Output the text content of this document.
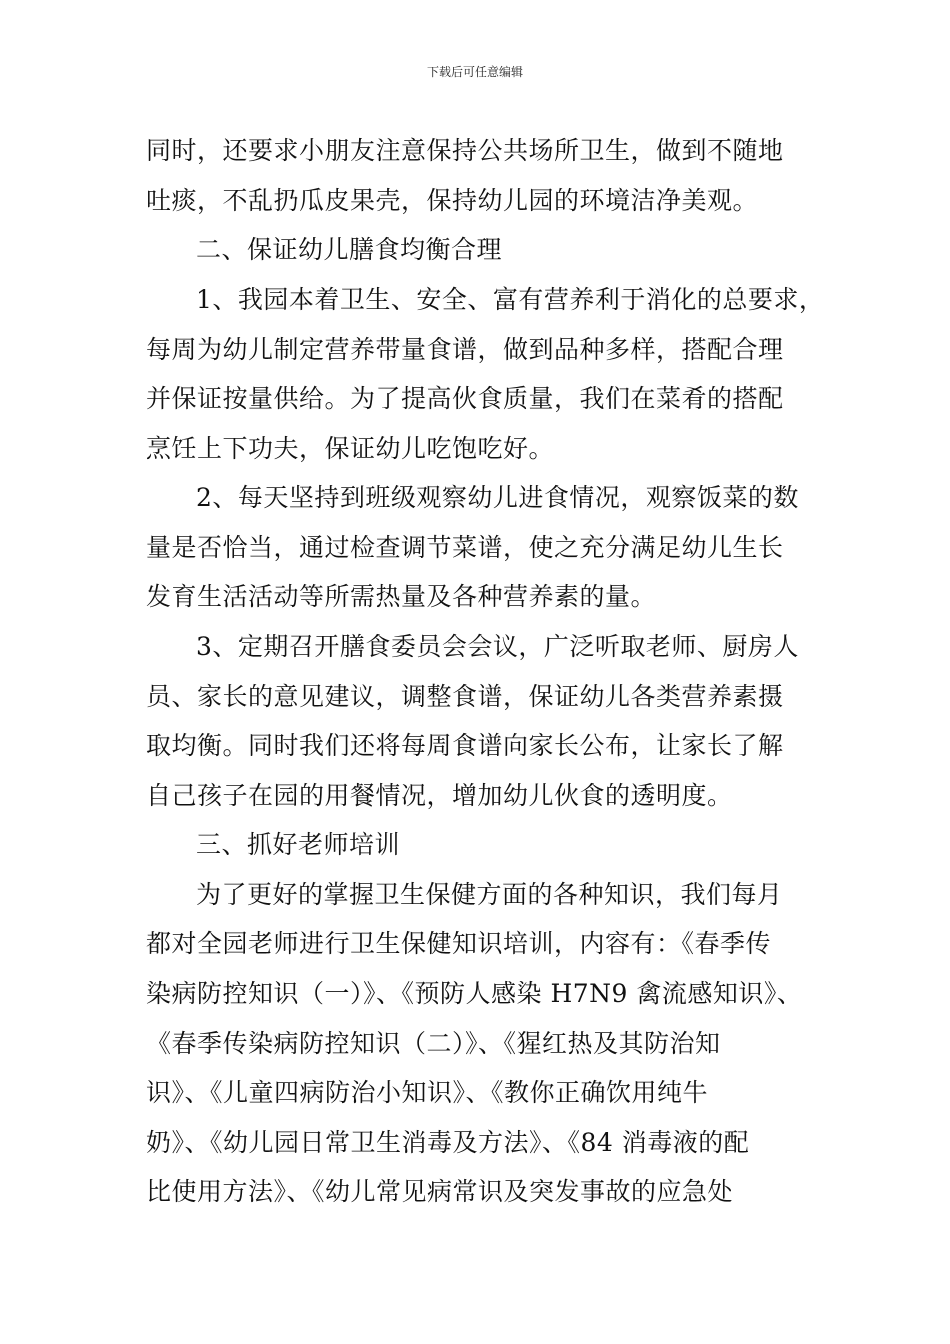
下载后可任意编辑
同时，还要求小朋友注意保持公共场所卫生，做到不随地
吐痰，不乱扔瓜皮果壳，保持幼儿园的环境洁净美观。
二、保证幼儿膳食均衡合理
1、我园本着卫生、安全、富有营养利于消化的总要求，
每周为幼儿制定营养带量食谱，做到品种多样，搭配合理
并保证按量供给。为了提高伙食质量，我们在菜肴的搭配
烹饪上下功夫，保证幼儿吃饱吃好。
2、每天坚持到班级观察幼儿进食情况，观察饭菜的数
量是否恰当，通过检查调节菜谱，使之充分满足幼儿生长
发育生活活动等所需热量及各种营养素的量。
3、定期召开膳食委员会会议，广泛听取老师、厨房人
员、家长的意见建议，调整食谱，保证幼儿各类营养素摄
取均衡。同时我们还将每周食谱向家长公布，让家长了解
自己孩子在园的用餐情况，增加幼儿伙食的透明度。
三、抓好老师培训
为了更好的掌握卫生保健方面的各种知识，我们每月
都对全园老师进行卫生保健知识培训，内容有：《春季传
染病防控知识（一）》、《预防人感染 H7N9 禽流感知识》、
《春季传染病防控知识（二）》、《猩红热及其防治知
识》、《儿童四病防治小知识》、《教你正确饮用纯牛
奶》、《幼儿园日常卫生消毒及方法》、《84 消毒液的配
比使用方法》、《幼儿常见病常识及突发事故的应急处
